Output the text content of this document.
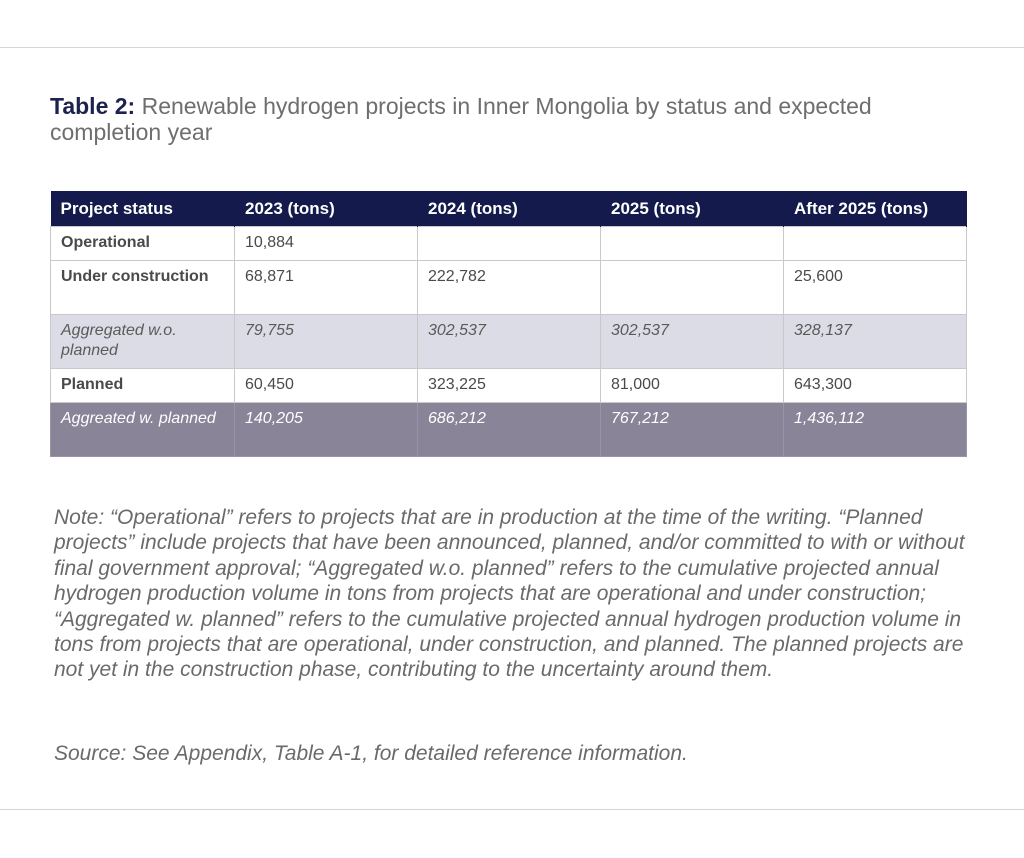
Table 2: Renewable hydrogen projects in Inner Mongolia by status and expected completion year
Project status	2023 (tons)	2024 (tons)	2025 (tons)	After 2025 (tons)
Operational	10,884			
Under construction	68,871	222,782		25,600
Aggregated w.o. planned	79,755	302,537	302,537	328,137
Planned	60,450	323,225	81,000	643,300
Aggreated w. planned	140,205	686,212	767,212	1,436,112
Note: “Operational” refers to projects that are in production at the time of the writing. “Planned projects” include projects that have been announced, planned, and/or committed to with or without final government approval; “Aggregated w.o. planned” refers to the cumulative projected annual hydrogen production volume in tons from projects that are operational and under construction; “Aggregated w. planned” refers to the cumulative projected annual hydrogen production volume in tons from projects that are operational, under construction, and planned. The planned projects are not yet in the construction phase, contributing to the uncertainty around them.
Source: See Appendix, Table A-1, for detailed reference information.
